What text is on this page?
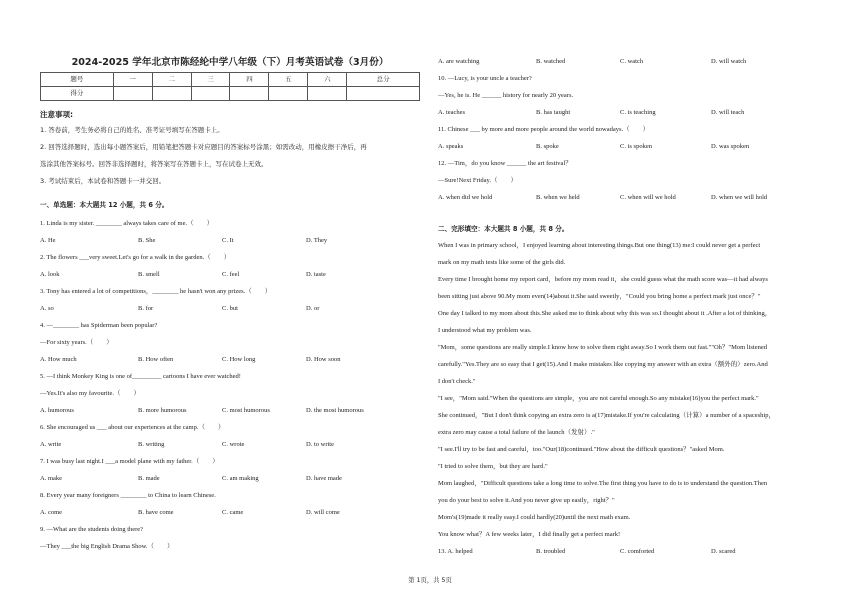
2024-2025 学年北京市陈经纶中学八年级（下）月考英语试卷（3月份）
题号	一	二	三	四	五	六	总分
得分							
注意事项:
1. 答卷前，考生务必将自己的姓名、准考证号填写在答题卡上。
2. 回答选择题时，选出每小题答案后，用铅笔把答题卡对应题目的答案标号涂黑；如需改动，用橡皮擦干净后，再
选涂其他答案标号。回答非选择题时，将答案写在答题卡上，写在试卷上无效。
3. 考试结束后，本试卷和答题卡一并交回。
一、单选题：本大题共 12 小题，共 6 分。
1. Linda is my sister. ________ always takes care of me.（　　）
A. He	B. She	C. It	D. They
2. The flowers ___very sweet.Let's go for a walk in the garden.（　　）
A. look	B. smell	C. feel	D. taste
3. Tony has entered a lot of competitions，________ he hasn't won any prizes.（　　）
A. so	B. for	C. but	D. or
4. —________ has Spiderman been popular?
—For sixty years.（　　）
A. How much	B. How often	C. How long	D. How soon
5. —I think Monkey King is one of_________ cartoons I have ever watched!
—Yes.It's also my favourite.（　　）
A. humorous	B. more humorous	C. most humorous	D. the most humorous
6. She encouraged us ___ about our experiences at the camp.（　　）
A. write	B. writing	C. wrote	D. to write
7. I was busy last night.I ___a model plane with my father.（　　）
A. make	B. made	C. am making	D. have made
8. Every year many foreigners ________ to China to learn Chinese.
A. come	B. have come	C. came	D. will come
9. —What are the students doing there?
—They ___the big English Drama Show.（　　）
A. are watching	B. watched	C. watch	D. will watch
10. —Lucy, is your uncle a teacher?
—Yes, he is. He ______ history for nearly 20 years.
A. teaches	B. has taught	C. is teaching	D. will teach
11. Chinese ___ by more and more people around the world nowadays.（　　）
A. speaks	B. spoke	C. is spoken	D. was spoken
12. —Tim，do you know ______ the art festival？
—Sure!Next Friday.（　　）
A. when did we hold	B. when we held	C. when will we hold	D. when we will hold
二、完形填空：本大题共 8 小题，共 8 分。
When I was in primary school，I enjoyed learning about interesting things.But one thing(13) me:I could never get a perfect
mark on my math tests like some of the girls did.
Every time I brought home my report card，before my mom read it，she could guess what the math score was—it had always
been sitting just above 90.My mom even(14)about it.She said sweetly，"Could you bring home a perfect mark just once？"
One day I talked to my mom about this.She asked me to think about why this was so.I thought about it .After a lot of thinking，
I understood what my problem was.
"Mom，some questions are really simple.I know how to solve them right away.So I work them out fast.""Oh？"Mom listened
carefully."Yes.They are so easy that I get(15).And I make mistakes like copying my answer with an extra（额外的）zero.And
I don't check."
"I see，"Mom said."When the questions are simple，you are not careful enough.So any mistake(16)you the perfect mark."
She continued，"But I don't think copying an extra zero is a(17)mistake.If you're calculating（计算）a number of a spaceship，
extra zero may cause a total failure of the launch（发射）."
"I see.I'll try to be fast and careful，too."Our(18)continued."How about the difficult questions？"asked Mom.
"I tried to solve them，but they are hard."
Mom laughed，"Difficult questions take a long time to solve.The first thing you have to do is to understand the question.Then
you do your best to solve it.And you never give up easily，right？"
Mom's(19)made it really easy.I could hardly(20)until the next math exam.
You know what？A few weeks later，I did finally get a perfect mark!
13. A. helped	B. troubled	C. comforted	D. scared
第 1页，共 5页
